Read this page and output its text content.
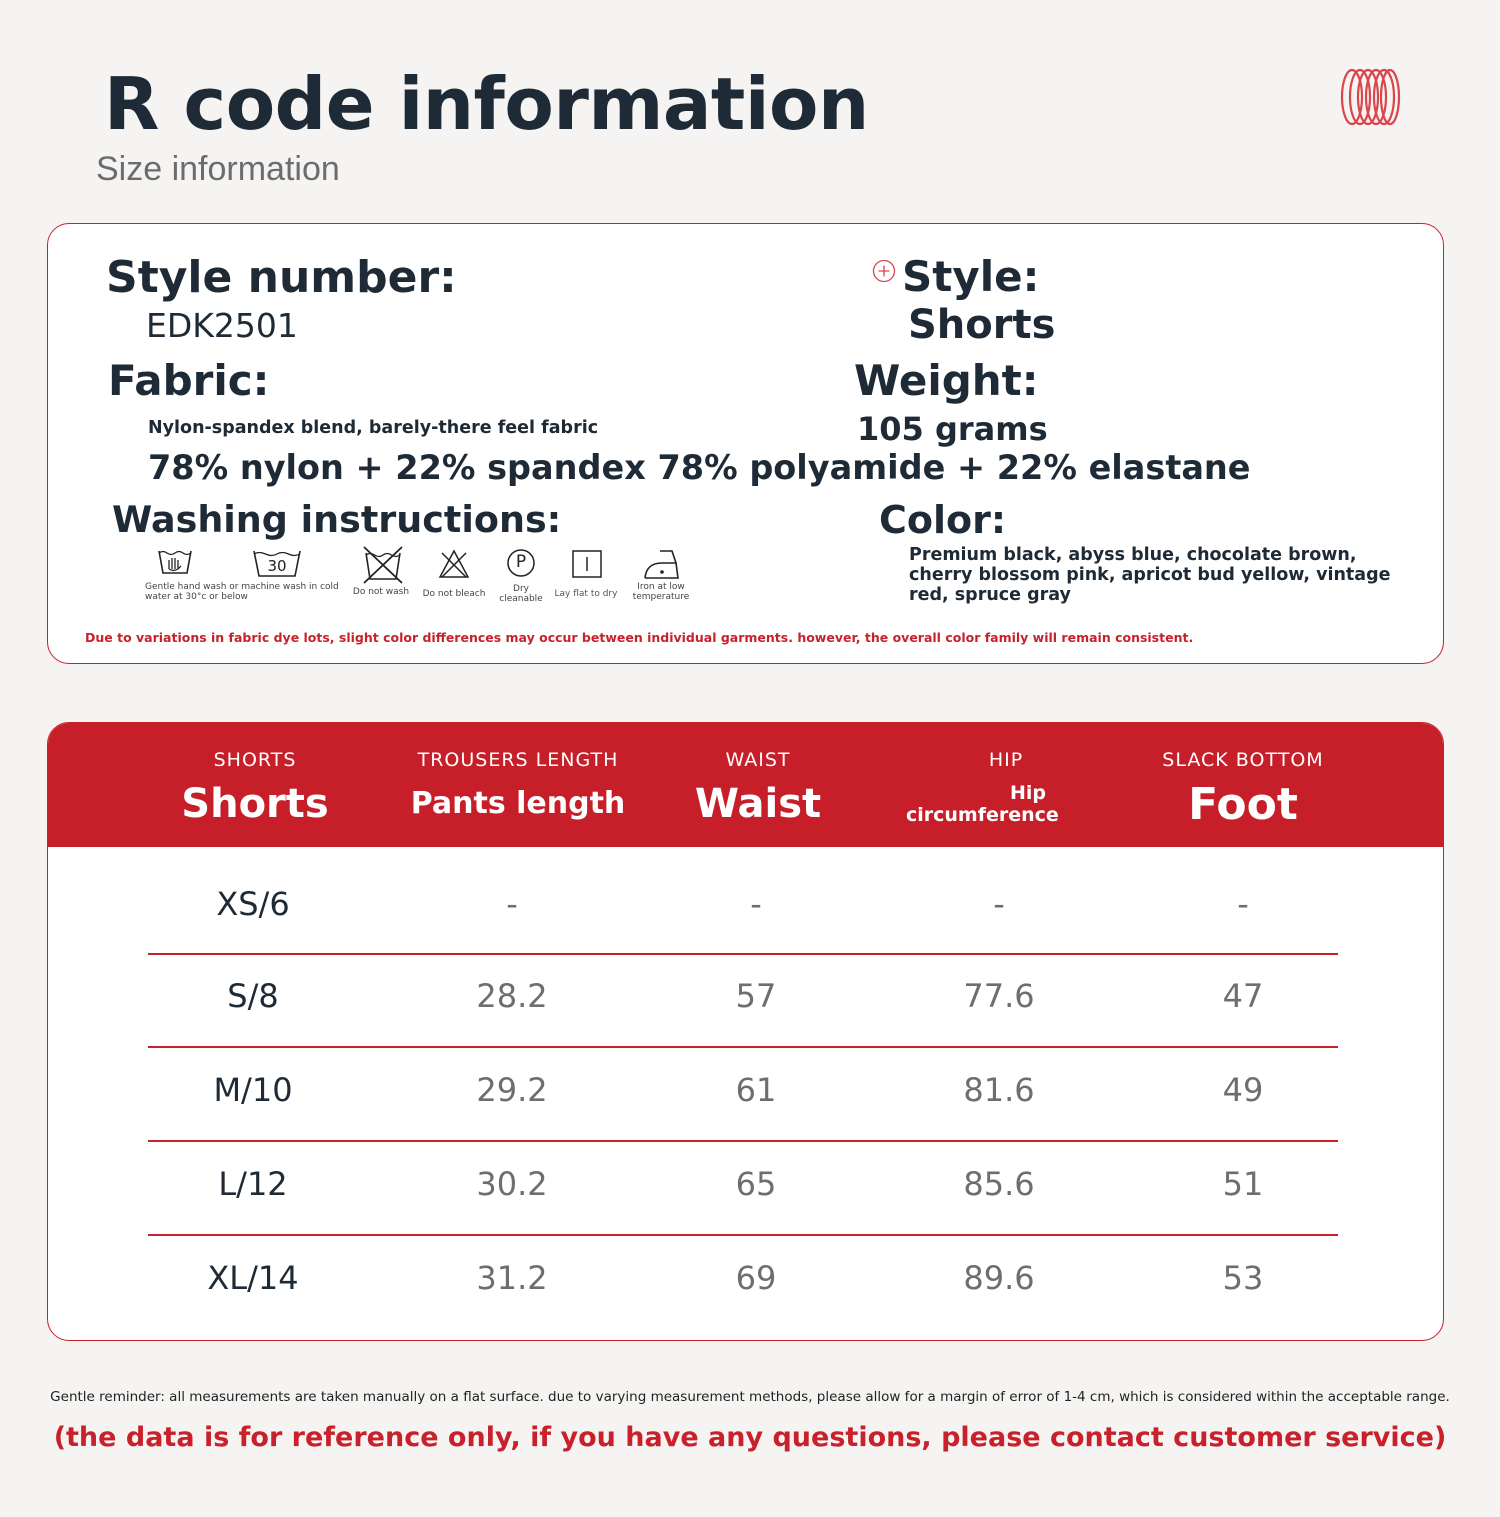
R code information
Size information
Style number:
EDK2501
Style:
Shorts
Fabric:	Weight:
Nylon-spandex blend, barely-there feel fabric	105 grams
78% nylon + 22% spandex 78% polyamide + 22% elastane
Washing instructions:	Color:
Premium black, abyss blue, chocolate brown, cherry blossom pink, apricot bud yellow, vintage red, spruce gray
Gentle hand wash or machine wash in cold water at 30°c or below
30
Do not wash	Do not bleach
P
Dry cleanable	Lay flat to dry
Iron at low temperature
Due to variations in fabric dye lots, slight color differences may occur between individual garments. however, the overall color family will remain consistent.
SHORTS
Shorts
TROUSERS LENGTH
Pants length
WAIST
Waist
HIP
Hip circumference
SLACK BOTTOM
Foot
XS/6	-	-	-	-
S/8	28.2	57	77.6	47
M/10	29.2	61	81.6	49
L/12	30.2	65	85.6	51
XL/14	31.2	69	89.6	53
Gentle reminder: all measurements are taken manually on a flat surface. due to varying measurement methods, please allow for a margin of error of 1-4 cm, which is considered within the acceptable range.
(the data is for reference only, if you have any questions, please contact customer service)
